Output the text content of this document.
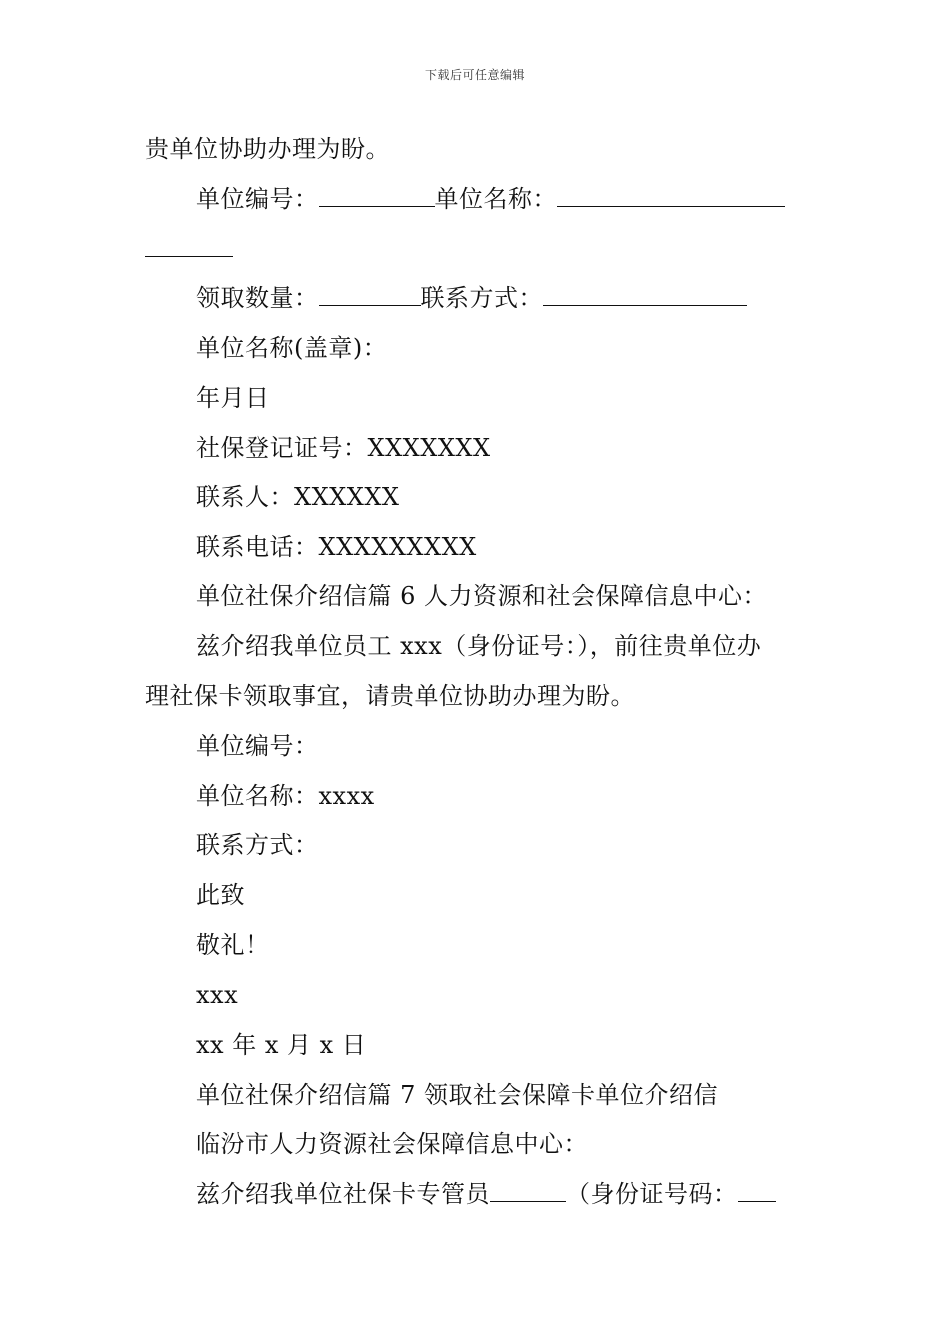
下载后可任意编辑
贵单位协助办理为盼。
单位编号：	单位名称：
领取数量：	联系方式：
单位名称(盖章)：
年月日
社保登记证号：XXXXXXX
联系人：XXXXXX
联系电话：XXXXXXXXX
单位社保介绍信篇 6 人力资源和社会保障信息中心：
兹介绍我单位员工 xxx（身份证号：），前往贵单位办
理社保卡领取事宜，请贵单位协助办理为盼。
单位编号：
单位名称：xxxx
联系方式：
此致
敬礼！
xxx
xx 年 x 月 x 日
单位社保介绍信篇 7 领取社会保障卡单位介绍信
临汾市人力资源社会保障信息中心：
兹介绍我单位社保卡专管员	（身份证号码：
